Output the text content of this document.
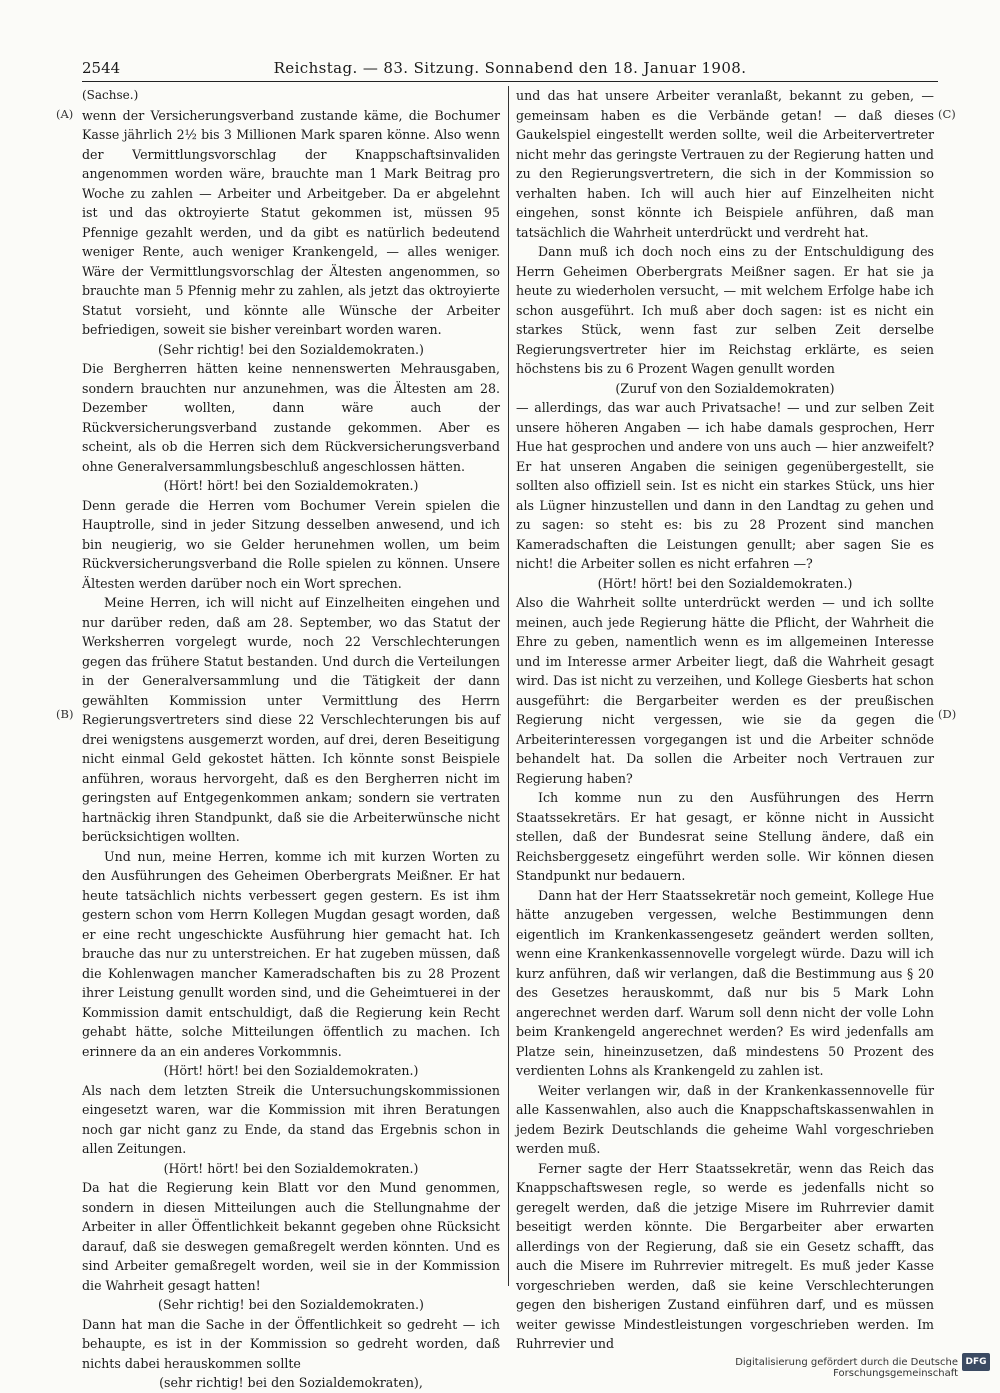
2544	Reichstag. — 83. Sitzung. Sonnabend den 18. Januar 1908.
(A)
(B)
(C)
(D)

(Sachse.)

wenn der Versicherungsverband zustande käme, die Bochumer Kasse jährlich 2½ bis 3 Millionen Mark sparen könne. Also wenn der Vermittlungsvorschlag der Knappschaftsinvaliden angenommen worden wäre, brauchte man 1 Mark Beitrag pro Woche zu zahlen — Arbeiter und Arbeitgeber. Da er abgelehnt ist und das oktroyierte Statut gekommen ist, müssen 95 Pfennige gezahlt werden, und da gibt es natürlich bedeutend weniger Rente, auch weniger Krankengeld, — alles weniger. Wäre der Vermittlungsvorschlag der Ältesten angenommen, so brauchte man 5 Pfennig mehr zu zahlen, als jetzt das oktroyierte Statut vorsieht, und könnte alle Wünsche der Arbeiter befriedigen, soweit sie bisher vereinbart worden waren.

(Sehr richtig! bei den Sozialdemokraten.)

Die Bergherren hätten keine nennenswerten Mehrausgaben, sondern brauchten nur anzunehmen, was die Ältesten am 28. Dezember wollten, dann wäre auch der Rückversicherungsverband zustande gekommen. Aber es scheint, als ob die Herren sich dem Rückversicherungsverband ohne Generalversammlungsbeschluß angeschlossen hätten.

(Hört! hört! bei den Sozialdemokraten.)

Denn gerade die Herren vom Bochumer Verein spielen die Hauptrolle, sind in jeder Sitzung desselben anwesend, und ich bin neugierig, wo sie Gelder herunehmen wollen, um beim Rückversicherungsverband die Rolle spielen zu können. Unsere Ältesten werden darüber noch ein Wort sprechen.

Meine Herren, ich will nicht auf Einzelheiten eingehen und nur darüber reden, daß am 28. September, wo das Statut der Werksherren vorgelegt wurde, noch 22 Verschlechterungen gegen das frühere Statut bestanden. Und durch die Verteilungen in der Generalversammlung und die Tätigkeit der dann gewählten Kommission unter Vermittlung des Herrn Regierungsvertreters sind diese 22 Verschlechterungen bis auf drei wenigstens ausgemerzt worden, auf drei, deren Beseitigung nicht einmal Geld gekostet hätten. Ich könnte sonst Beispiele anführen, woraus hervorgeht, daß es den Bergherren nicht im geringsten auf Entgegenkommen ankam; sondern sie vertraten hartnäckig ihren Standpunkt, daß sie die Arbeiterwünsche nicht berücksichtigen wollten.

Und nun, meine Herren, komme ich mit kurzen Worten zu den Ausführungen des Geheimen Oberbergrats Meißner. Er hat heute tatsächlich nichts verbessert gegen gestern. Es ist ihm gestern schon vom Herrn Kollegen Mugdan gesagt worden, daß er eine recht ungeschickte Ausführung hier gemacht hat. Ich brauche das nur zu unterstreichen. Er hat zugeben müssen, daß die Kohlenwagen mancher Kameradschaften bis zu 28 Prozent ihrer Leistung genullt worden sind, und die Geheimtuerei in der Kommission damit entschuldigt, daß die Regierung kein Recht gehabt hätte, solche Mitteilungen öffentlich zu machen. Ich erinnere da an ein anderes Vorkommnis.

(Hört! hört! bei den Sozialdemokraten.)

Als nach dem letzten Streik die Untersuchungskommissionen eingesetzt waren, war die Kommission mit ihren Beratungen noch gar nicht ganz zu Ende, da stand das Ergebnis schon in allen Zeitungen.

(Hört! hört! bei den Sozialdemokraten.)

Da hat die Regierung kein Blatt vor den Mund genommen, sondern in diesen Mitteilungen auch die Stellungnahme der Arbeiter in aller Öffentlichkeit bekannt gegeben ohne Rücksicht darauf, daß sie deswegen gemaßregelt werden könnten. Und es sind Arbeiter gemaßregelt worden, weil sie in der Kommission die Wahrheit gesagt hatten!

(Sehr richtig! bei den Sozialdemokraten.)

Dann hat man die Sache in der Öffentlichkeit so gedreht — ich behaupte, es ist in der Kommission so gedreht worden, daß nichts dabei herauskommen sollte

(sehr richtig! bei den Sozialdemokraten),

und das hat unsere Arbeiter veranlaßt, bekannt zu geben, — gemeinsam haben es die Verbände getan! — daß dieses Gaukelspiel eingestellt werden sollte, weil die Arbeitervertreter nicht mehr das geringste Vertrauen zu der Regierung hatten und zu den Regierungsvertretern, die sich in der Kommission so verhalten haben. Ich will auch hier auf Einzelheiten nicht eingehen, sonst könnte ich Beispiele anführen, daß man tatsächlich die Wahrheit unterdrückt und verdreht hat.

Dann muß ich doch noch eins zu der Entschuldigung des Herrn Geheimen Oberbergrats Meißner sagen. Er hat sie ja heute zu wiederholen versucht, — mit welchem Erfolge habe ich schon ausgeführt. Ich muß aber doch sagen: ist es nicht ein starkes Stück, wenn fast zur selben Zeit derselbe Regierungsvertreter hier im Reichstag erklärte, es seien höchstens bis zu 6 Prozent Wagen genullt worden

(Zuruf von den Sozialdemokraten)

— allerdings, das war auch Privatsache! — und zur selben Zeit unsere höheren Angaben — ich habe damals gesprochen, Herr Hue hat gesprochen und andere von uns auch — hier anzweifelt? Er hat unseren Angaben die seinigen gegenübergestellt, sie sollten also offiziell sein. Ist es nicht ein starkes Stück, uns hier als Lügner hinzustellen und dann in den Landtag zu gehen und zu sagen: so steht es: bis zu 28 Prozent sind manchen Kameradschaften die Leistungen genullt; aber sagen Sie es nicht! die Arbeiter sollen es nicht erfahren —?

(Hört! hört! bei den Sozialdemokraten.)

Also die Wahrheit sollte unterdrückt werden — und ich sollte meinen, auch jede Regierung hätte die Pflicht, der Wahrheit die Ehre zu geben, namentlich wenn es im allgemeinen Interesse und im Interesse armer Arbeiter liegt, daß die Wahrheit gesagt wird. Das ist nicht zu verzeihen, und Kollege Giesberts hat schon ausgeführt: die Bergarbeiter werden es der preußischen Regierung nicht vergessen, wie sie da gegen die Arbeiterinteressen vorgegangen ist und die Arbeiter schnöde behandelt hat. Da sollen die Arbeiter noch Vertrauen zur Regierung haben?

Ich komme nun zu den Ausführungen des Herrn Staatssekretärs. Er hat gesagt, er könne nicht in Aussicht stellen, daß der Bundesrat seine Stellung ändere, daß ein Reichsberggesetz eingeführt werden solle. Wir können diesen Standpunkt nur bedauern.

Dann hat der Herr Staatssekretär noch gemeint, Kollege Hue hätte anzugeben vergessen, welche Bestimmungen denn eigentlich im Krankenkassengesetz geändert werden sollten, wenn eine Krankenkassennovelle vorgelegt würde. Dazu will ich kurz anführen, daß wir verlangen, daß die Bestimmung aus § 20 des Gesetzes herauskommt, daß nur bis 5 Mark Lohn angerechnet werden darf. Warum soll denn nicht der volle Lohn beim Krankengeld angerechnet werden? Es wird jedenfalls am Platze sein, hineinzusetzen, daß mindestens 50 Prozent des verdienten Lohns als Krankengeld zu zahlen ist.

Weiter verlangen wir, daß in der Krankenkassennovelle für alle Kassenwahlen, also auch die Knappschaftskassenwahlen in jedem Bezirk Deutschlands die geheime Wahl vorgeschrieben werden muß.

Ferner sagte der Herr Staatssekretär, wenn das Reich das Knappschaftswesen regle, so werde es jedenfalls nicht so geregelt werden, daß die jetzige Misere im Ruhrrevier damit beseitigt werden könnte. Die Bergarbeiter aber erwarten allerdings von der Regierung, daß sie ein Gesetz schafft, das auch die Misere im Ruhrrevier mitregelt. Es muß jeder Kasse vorgeschrieben werden, daß sie keine Verschlechterungen gegen den bisherigen Zustand einführen darf, und es müssen weiter gewisse Mindestleistungen vorgeschrieben werden. Im Ruhrrevier und

Digitalisierung gefördert durch die Deutsche Forschungsgemeinschaft
DFG
